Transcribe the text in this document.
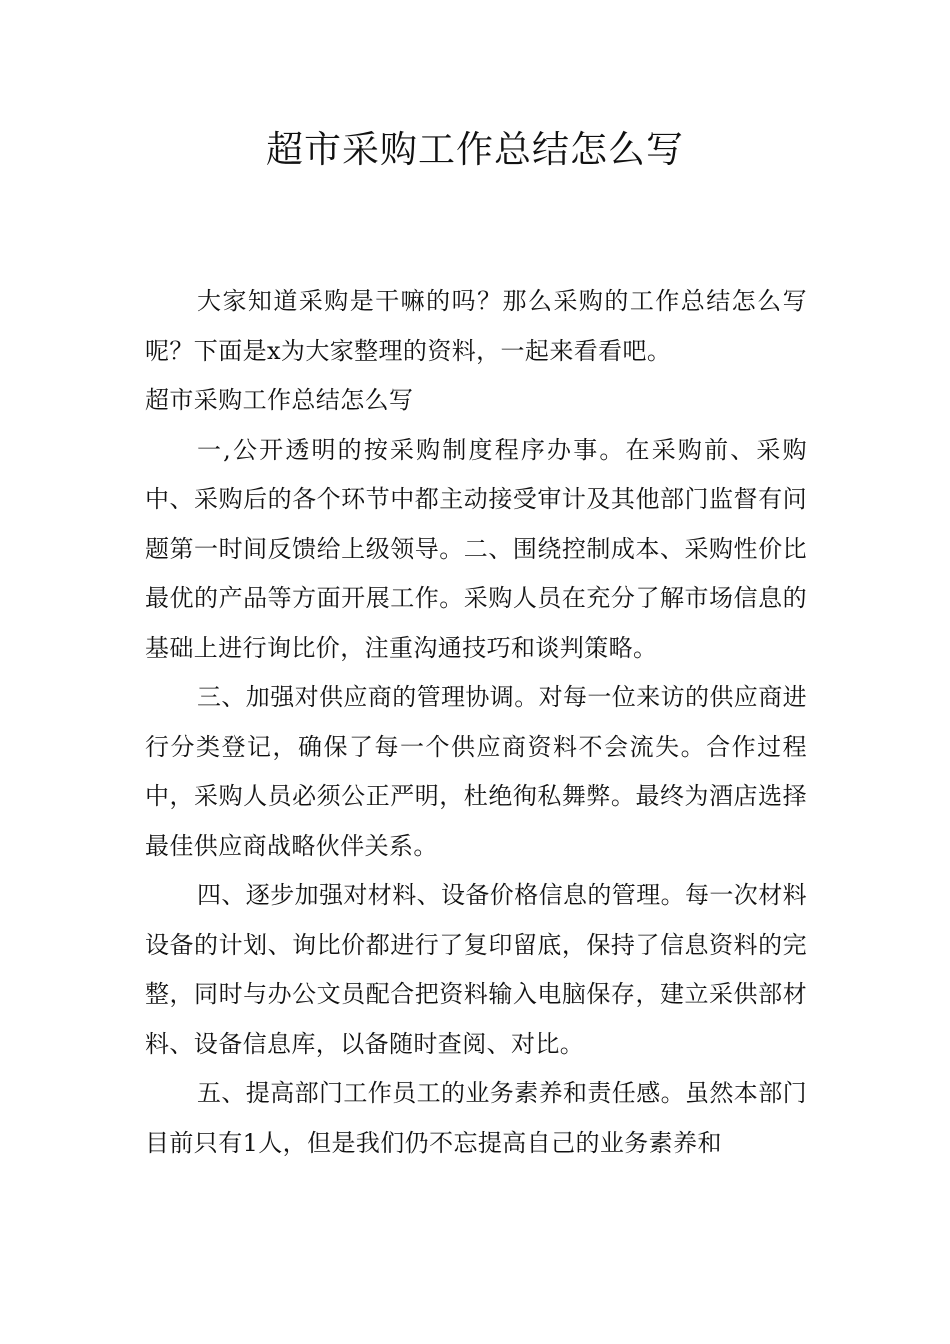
超市采购工作总结怎么写

大家知道采购是干嘛的吗？那么采购的工作总结怎么写呢？下面是x为大家整理的资料，一起来看看吧。

超市采购工作总结怎么写

一,公开透明的按采购制度程序办事。在采购前、采购中、采购后的各个环节中都主动接受审计及其他部门监督有问题第一时间反馈给上级领导。二、围绕控制成本、采购性价比最优的产品等方面开展工作。采购人员在充分了解市场信息的基础上进行询比价，注重沟通技巧和谈判策略。

三、加强对供应商的管理协调。对每一位来访的供应商进行分类登记，确保了每一个供应商资料不会流失。合作过程中，采购人员必须公正严明，杜绝徇私舞弊。最终为酒店选择最佳供应商战略伙伴关系。

四、逐步加强对材料、设备价格信息的管理。每一次材料设备的计划、询比价都进行了复印留底，保持了信息资料的完整，同时与办公文员配合把资料输入电脑保存，建立采供部材料、设备信息库，以备随时查阅、对比。

五、提高部门工作员工的业务素养和责任感。虽然本部门目前只有1人，但是我们仍不忘提高自己的业务素养和
